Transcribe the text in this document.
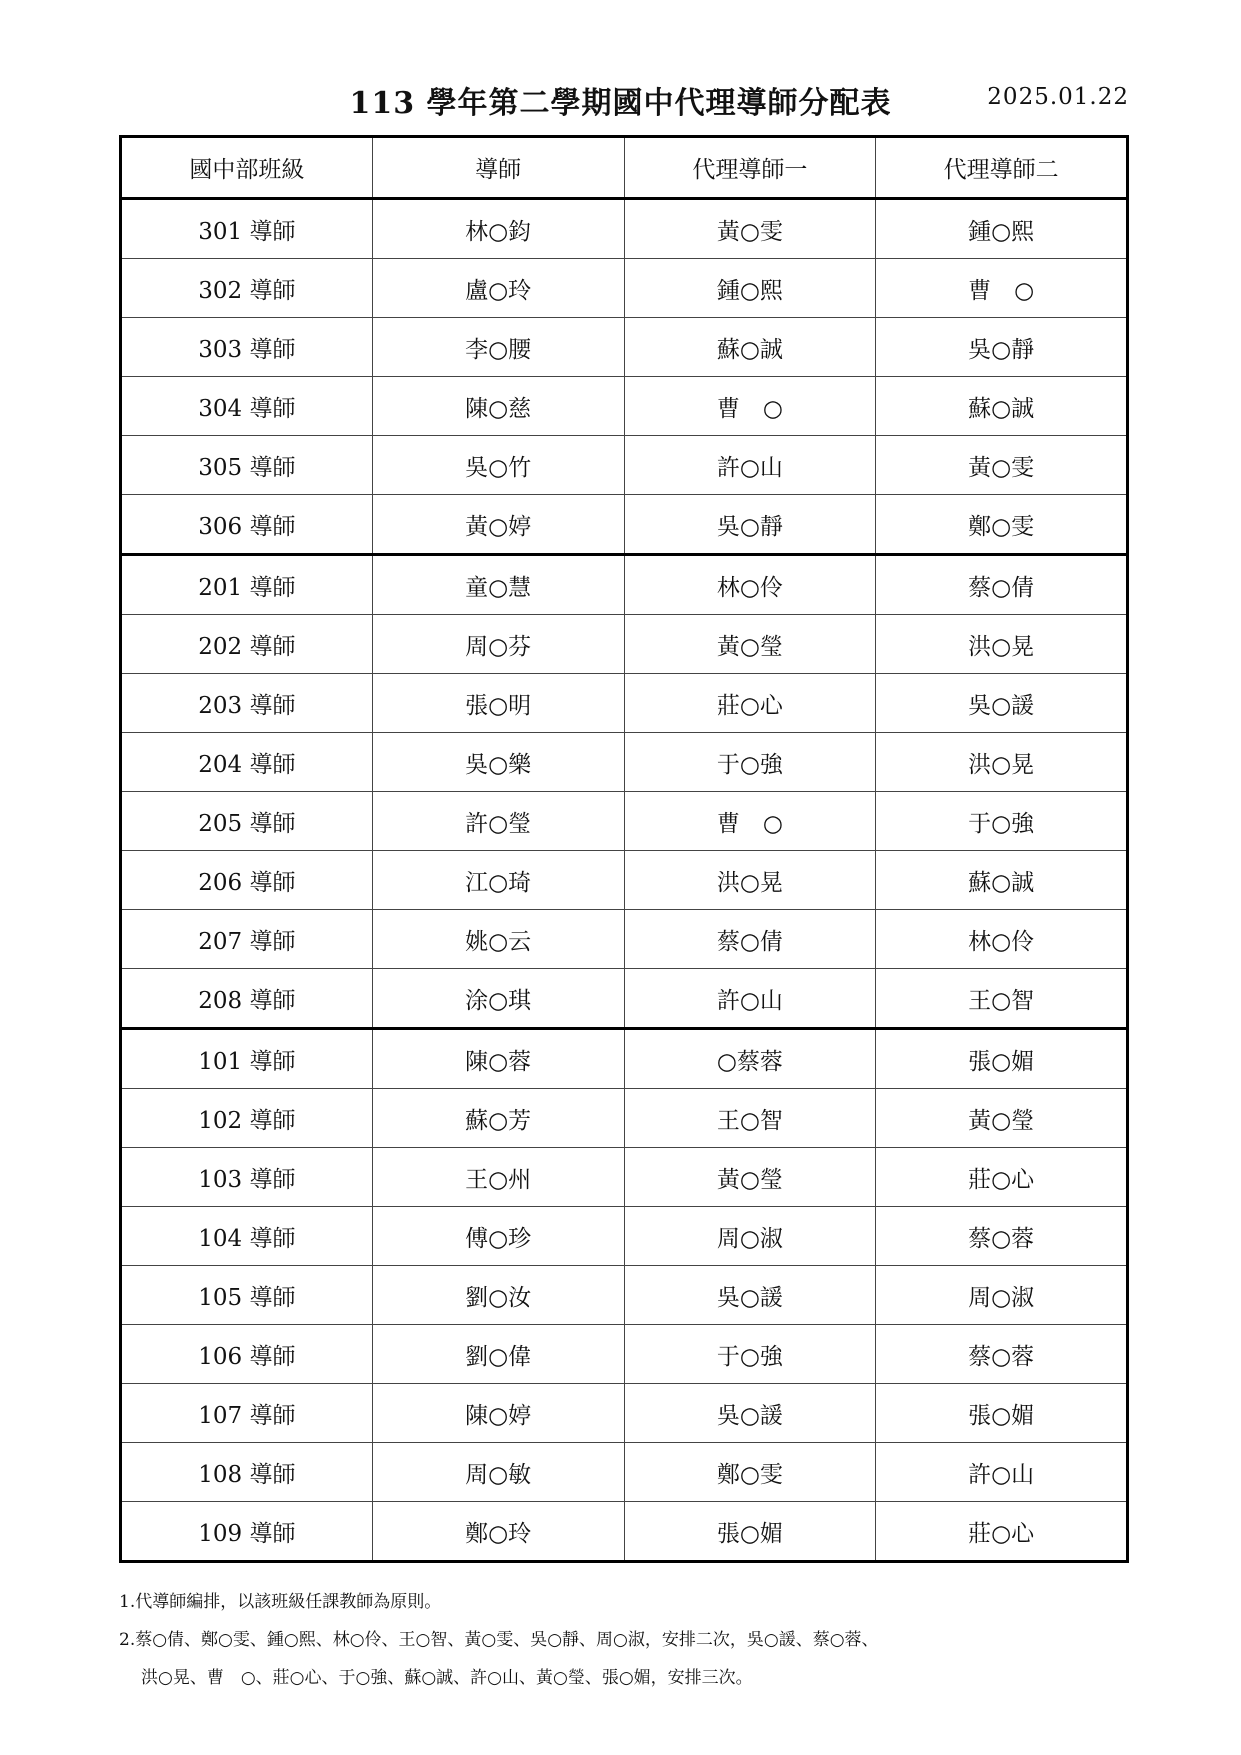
113 學年第二學期國中代理導師分配表	2025.01.22
國中部班級	導師	代理導師一	代理導師二
301 導師	林○鈞	黃○雯	鍾○熙
302 導師	盧○玲	鍾○熙	曹　○
303 導師	李○腰	蘇○誠	吳○靜
304 導師	陳○慈	曹　○	蘇○誠
305 導師	吳○竹	許○山	黃○雯
306 導師	黃○婷	吳○靜	鄭○雯
201 導師	童○慧	林○伶	蔡○倩
202 導師	周○芬	黃○瑩	洪○晃
203 導師	張○明	莊○心	吳○諼
204 導師	吳○樂	于○強	洪○晃
205 導師	許○瑩	曹　○	于○強
206 導師	江○琦	洪○晃	蘇○誠
207 導師	姚○云	蔡○倩	林○伶
208 導師	涂○琪	許○山	王○智
101 導師	陳○蓉	○蔡蓉	張○媚
102 導師	蘇○芳	王○智	黃○瑩
103 導師	王○州	黃○瑩	莊○心
104 導師	傅○珍	周○淑	蔡○蓉
105 導師	劉○汝	吳○諼	周○淑
106 導師	劉○偉	于○強	蔡○蓉
107 導師	陳○婷	吳○諼	張○媚
108 導師	周○敏	鄭○雯	許○山
109 導師	鄭○玲	張○媚	莊○心
1.代導師編排，以該班級任課教師為原則。
2.蔡○倩、鄭○雯、鍾○熙、林○伶、王○智、黃○雯、吳○靜、周○淑，安排二次，吳○諼、蔡○蓉、
洪○晃、曹　○、莊○心、于○強、蘇○誠、許○山、黃○瑩、張○媚，安排三次。
